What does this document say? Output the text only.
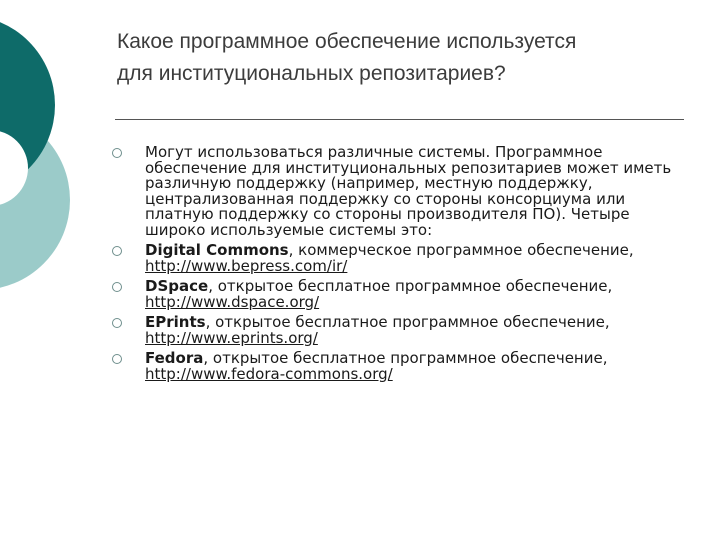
Какое программное обеспечение используется
для институциональных репозитариев?
Могут использоваться различные системы. Программное обеспечение для институциональных репозитариев может иметь различную поддержку (например, местную поддержку, централизованная поддержку со стороны консорциума или платную поддержку со стороны производителя ПО). Четыре широко используемые системы это:
Digital Commons, коммерческое программное обеспечение, http://www.bepress.com/ir/
DSpace, открытое бесплатное программное обеспечение, http://www.dspace.org/
EPrints, открытое бесплатное программное обеспечение, http://www.eprints.org/
Fedora, открытое бесплатное программное обеспечение, http://www.fedora-commons.org/
